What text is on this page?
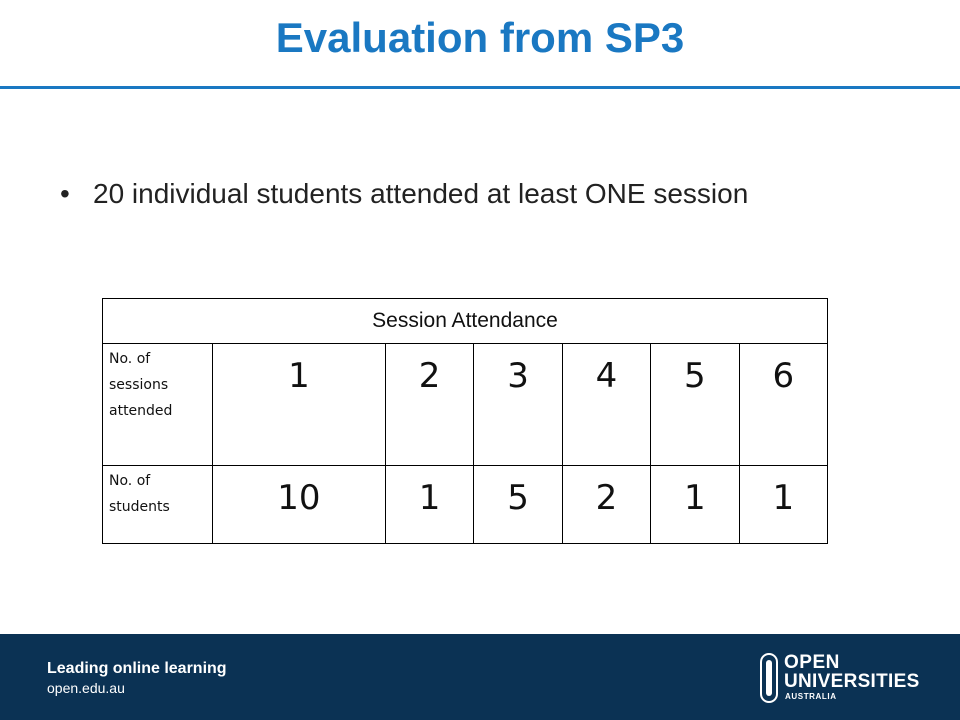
Evaluation from SP3
• 20 individual students attended at least ONE session
Session Attendance						
No. of
sessions
attended	1	2	3	4	5	6
No. of
students	10	1	5	2	1	1
Leading online learning
open.edu.au
OPEN
UNIVERSITIES
AUSTRALIA
